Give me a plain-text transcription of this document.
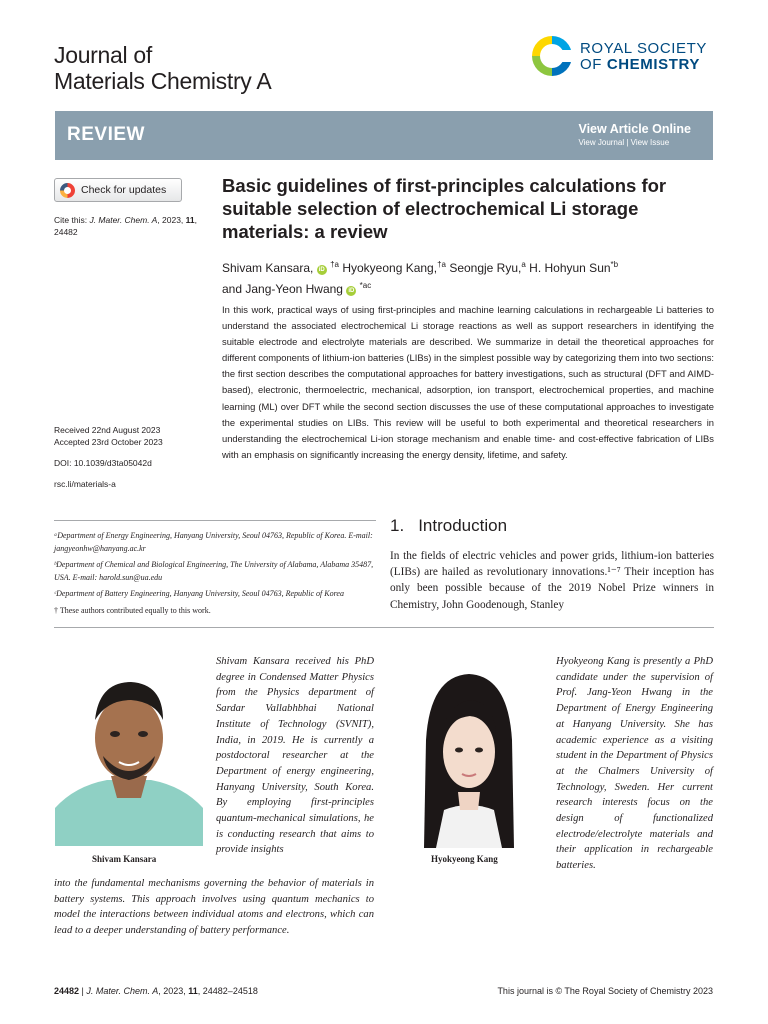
Journal of
Materials Chemistry A
ROYAL SOCIETY
OF CHEMISTRY
REVIEW	View Article Online
View Journal | View Issue
Check for updates
Cite this: J. Mater. Chem. A, 2023, 11, 24482
Received 22nd August 2023
Accepted 23rd October 2023
DOI: 10.1039/d3ta05042d
rsc.li/materials-a
Basic guidelines of first-principles calculations for suitable selection of electrochemical Li storage materials: a review
Shivam Kansara, iD $^{\dagger a}$ Hyokyeong Kang,$^{\dagger a}$ Seongje Ryu,$^a$ H. Hohyun Sun$^{*b}$
and Jang-Yeon Hwang iD $^{*ac}$
In this work, practical ways of using first-principles and machine learning calculations in rechargeable Li batteries to understand the associated electrochemical Li storage reactions as well as support researchers in identifying the suitable electrode and electrolyte materials are described. We summarize in detail the theoretical approaches for different components of lithium-ion batteries (LIBs) in the simplest possible way by categorizing them into two sections: the first section describes the computational approaches for battery investigations, such as structural (DFT and AIMD-based), electronic, thermoelectric, mechanical, adsorption, ion transport, electrochemical properties, and machine learning (ML) over DFT while the second section discusses the use of these computational approaches to investigate the experimental studies on LIBs. This review will be useful to both experimental and theoretical researchers in understanding the electrochemical Li-ion storage mechanism and enable time- and cost-effective fabrication of LIBs with an emphasis on significantly increasing the energy density, lifetime, and safety.

ᵃDepartment of Energy Engineering, Hanyang University, Seoul 04763, Republic of Korea. E-mail: jangyeonhw@hanyang.ac.kr

ᵇDepartment of Chemical and Biological Engineering, The University of Alabama, Alabama 35487, USA. E-mail: harold.sun@ua.edu

ᶜDepartment of Battery Engineering, Hanyang University, Seoul 04763, Republic of Korea

† These authors contributed equally to this work.

1. Introduction
In the fields of electric vehicles and power grids, lithium-ion batteries (LIBs) are hailed as revolutionary innovations.¹⁻⁷ Their inception has only been possible because of the 2019 Nobel Prize winners in Chemistry, John Goodenough, Stanley
Shivam Kansara
Shivam Kansara received his PhD degree in Condensed Matter Physics from the Physics department of Sardar Vallabhbhai National Institute of Technology (SVNIT), India, in 2019. He is currently a postdoctoral researcher at the Department of energy engineering, Hanyang University, South Korea. By employing first-principles quantum-mechanical simulations, he is conducting research that aims to provide insights
into the fundamental mechanisms governing the behavior of materials in battery systems. This approach involves using quantum mechanics to model the interactions between individual atoms and electrons, which can lead to a deeper understanding of battery performance.
Hyokyeong Kang
Hyokyeong Kang is presently a PhD candidate under the supervision of Prof. Jang-Yeon Hwang in the Department of Energy Engineering at Hanyang University. She has academic experience as a visiting student in the Department of Physics at the Chalmers University of Technology, Sweden. Her current research interests focus on the design of functionalized electrode/electrolyte materials and their application in rechargeable batteries.
24482 | J. Mater. Chem. A, 2023, 11, 24482–24518	This journal is © The Royal Society of Chemistry 2023
